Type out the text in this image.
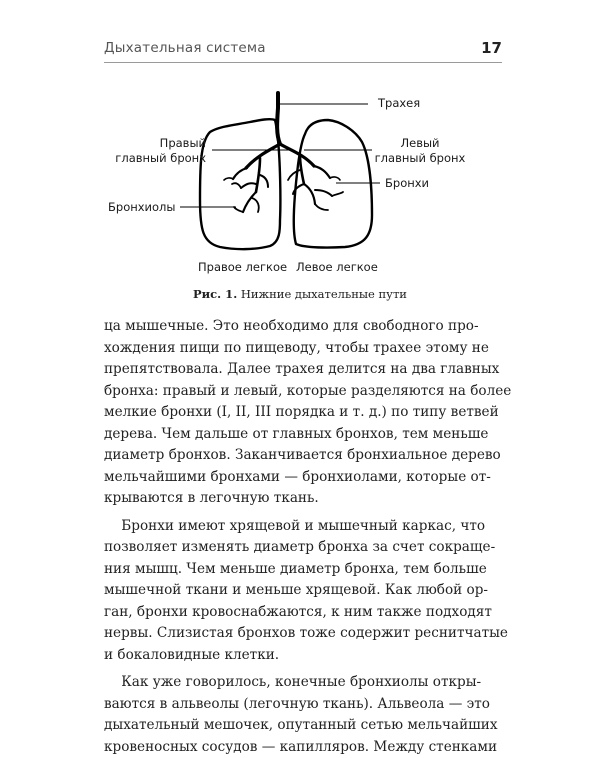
Дыхательная система	17
Трахея
Правый
главный бронх
Левый
главный бронх
Бронхи
Бронхиолы
Правое легкое Левое легкое
Рис. 1. Нижние дыхательные пути
ца мышечные. Это необходимо для свободного про-
хождения пищи по пищеводу, чтобы трахее этому не
препятствовала. Далее трахея делится на два главных
бронха: правый и левый, которые разделяются на более
мелкие бронхи (I, II, III порядка и т. д.) по типу ветвей
дерева. Чем дальше от главных бронхов, тем меньше
диаметр бронхов. Заканчивается бронхиальное дерево
мельчайшими бронхами — бронхиолами, которые от-
крываются в легочную ткань.
Бронхи имеют хрящевой и мышечный каркас, что
позволяет изменять диаметр бронха за счет сокраще-
ния мышц. Чем меньше диаметр бронха, тем больше
мышечной ткани и меньше хрящевой. Как любой ор-
ган, бронхи кровоснабжаются, к ним также подходят
нервы. Слизистая бронхов тоже содержит реснитчатые
и бокаловидные клетки.
Как уже говорилось, конечные бронхиолы откры-
ваются в альвеолы (легочную ткань). Альвеола — это
дыхательный мешочек, опутанный сетью мельчайших
кровеносных сосудов — капилляров. Между стенками
